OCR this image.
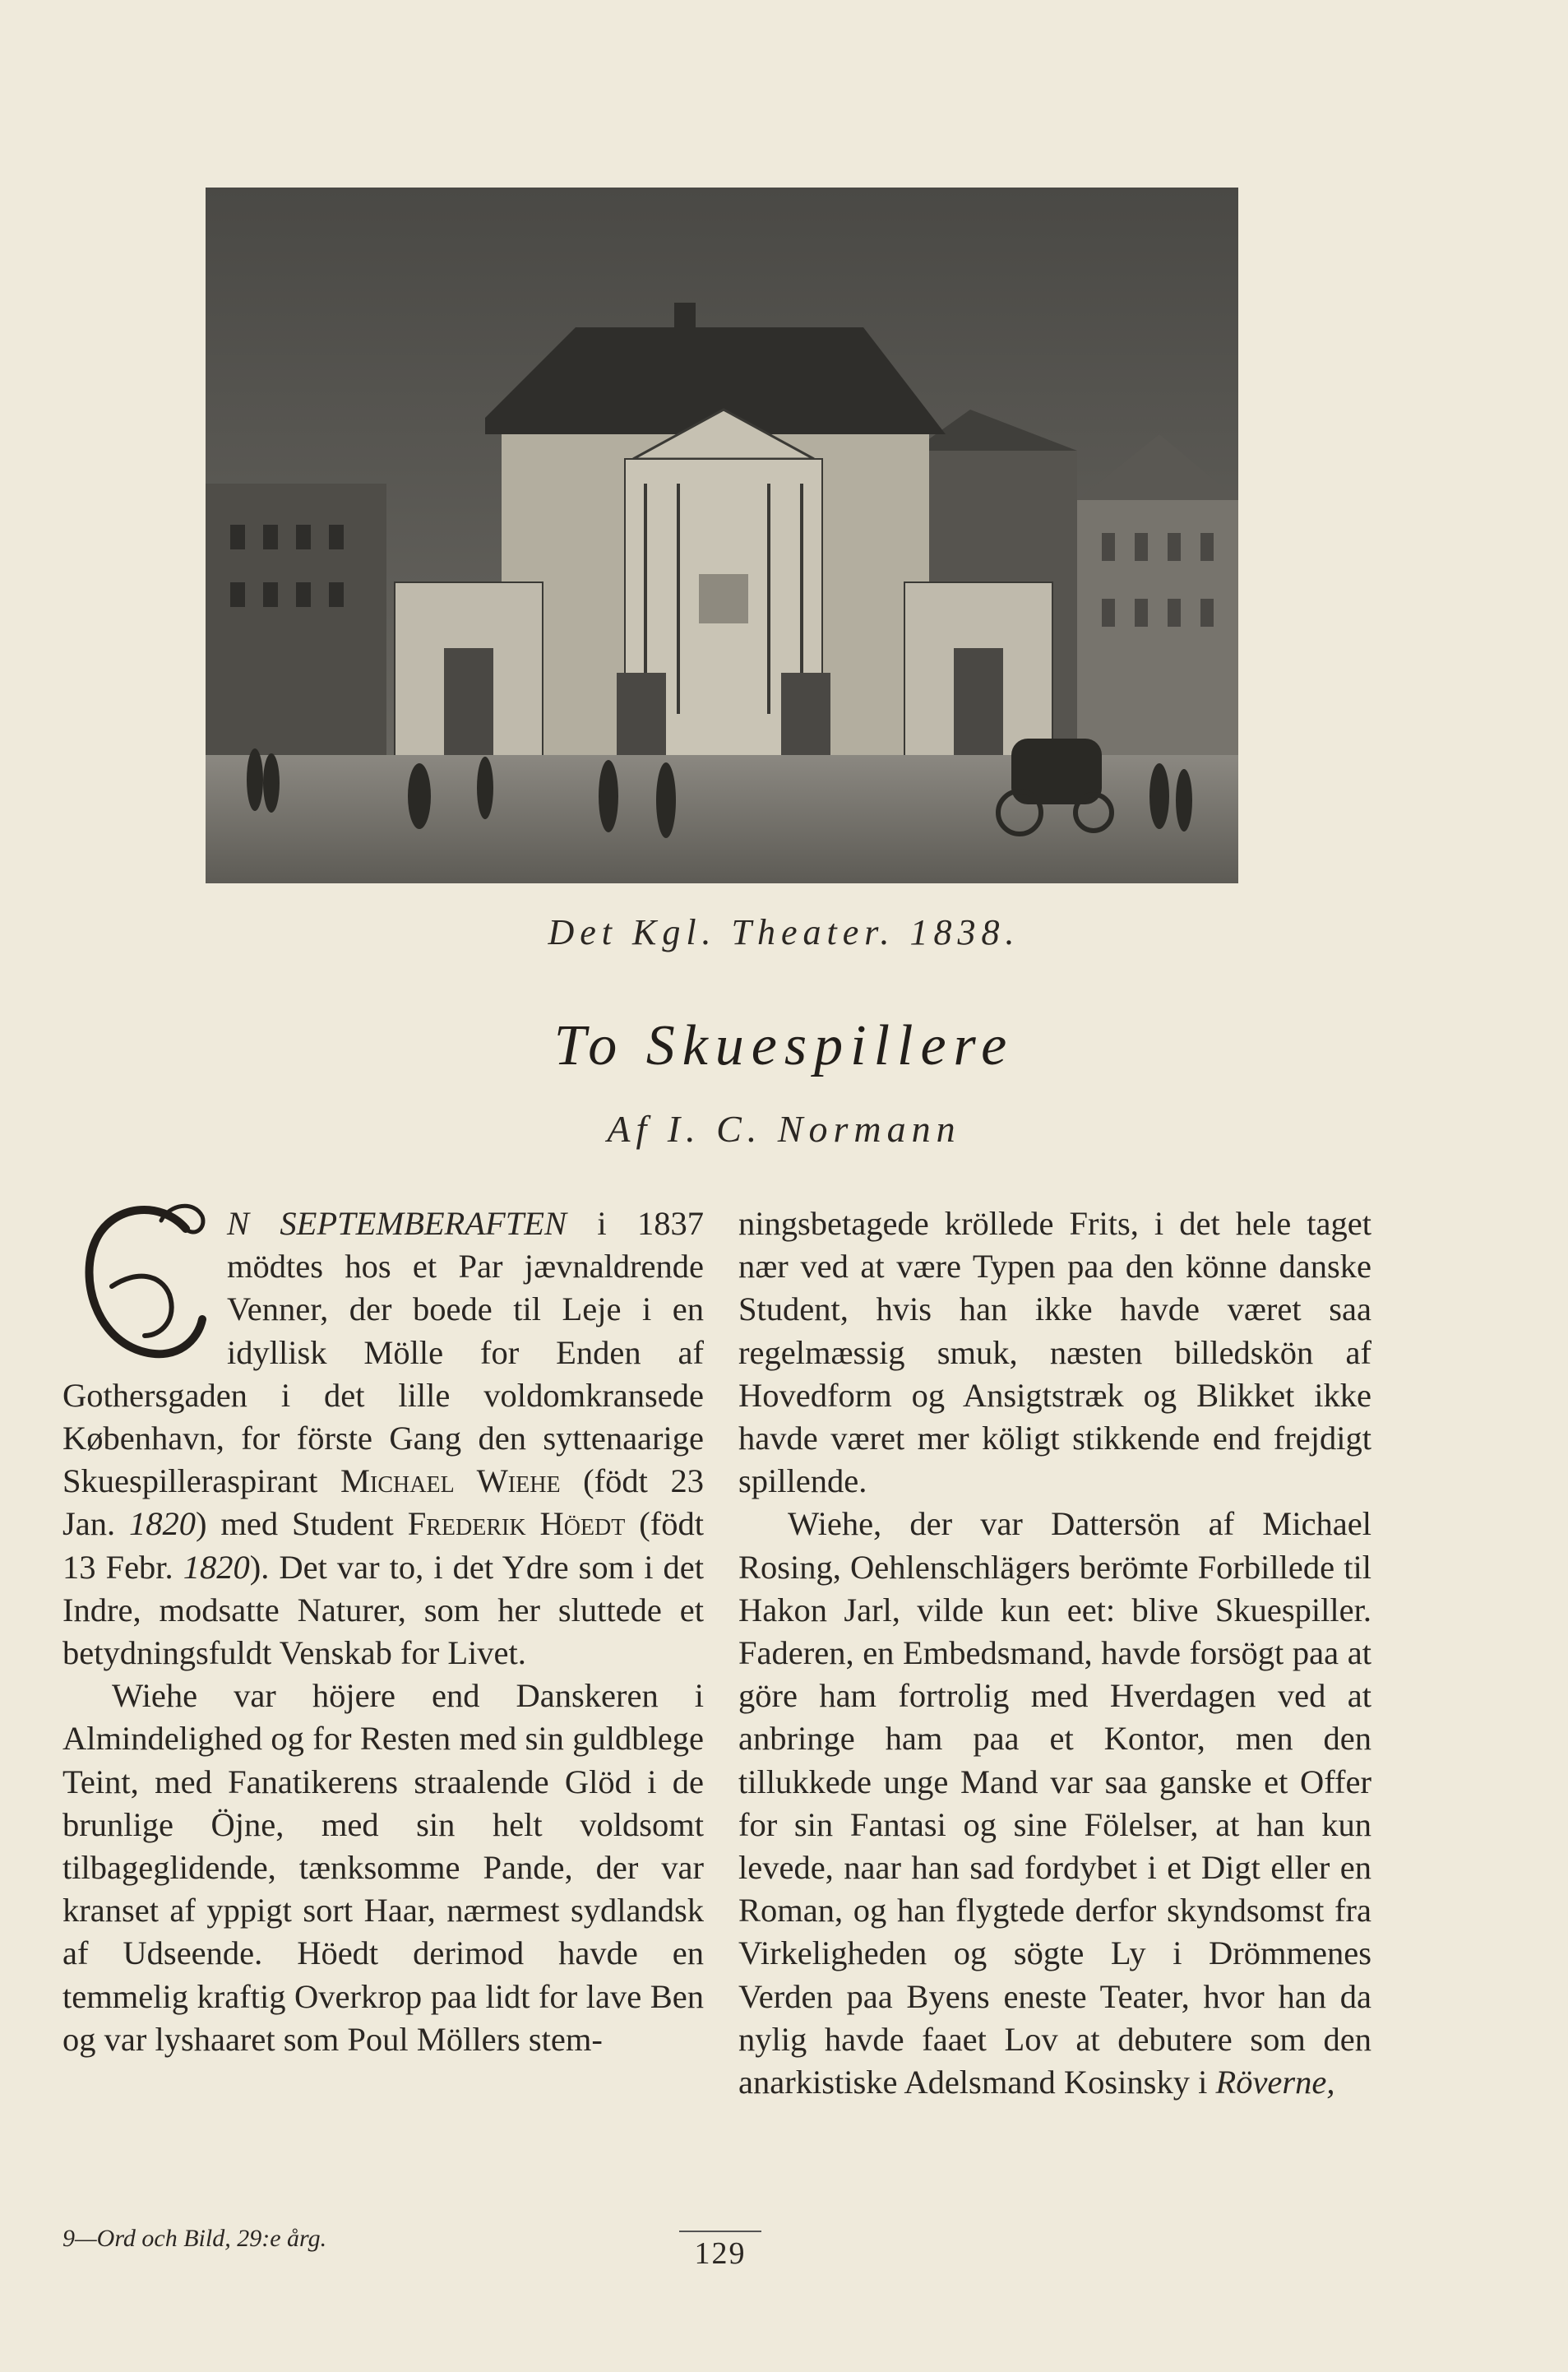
Det Kgl. Theater. 1838.
To Skuespillere
Af I. C. Normann

N SEPTEMBERAFTEN i 1837 mödtes hos et Par jævnaldrende Venner, der boede til Leje i en idyllisk Mölle for Enden af Gothersgaden i det lille voldomkransede København, for förste Gang den syttenaarige Skuespilleraspirant Michael Wiehe (födt 23 Jan. 1820) med Student Frederik Höedt (födt 13 Febr. 1820). Det var to, i det Ydre som i det Indre, modsatte Naturer, som her sluttede et betydningsfuldt Venskab for Livet.

Wiehe var höjere end Danskeren i Almindelighed og for Resten med sin guldblege Teint, med Fanatikerens straalende Glöd i de brunlige Öjne, med sin helt voldsomt tilbageglidende, tænksomme Pande, der var kranset af yppigt sort Haar, nærmest sydlandsk af Udseende. Höedt derimod havde en temmelig kraftig Overkrop paa lidt for lave Ben og var lyshaaret som Poul Möllers stem-

ningsbetagede kröllede Frits, i det hele taget nær ved at være Typen paa den könne danske Student, hvis han ikke havde været saa regelmæssig smuk, næsten billedskön af Hovedform og Ansigtstræk og Blikket ikke havde været mer köligt stikkende end frejdigt spillende.

Wiehe, der var Dattersön af Michael Rosing, Oehlenschlägers berömte Forbillede til Hakon Jarl, vilde kun eet: blive Skuespiller. Faderen, en Embedsmand, havde forsögt paa at göre ham fortrolig med Hverdagen ved at anbringe ham paa et Kontor, men den tillukkede unge Mand var saa ganske et Offer for sin Fantasi og sine Fölelser, at han kun levede, naar han sad fordybet i et Digt eller en Roman, og han flygtede derfor skyndsomst fra Virkeligheden og sögte Ly i Drömmenes Verden paa Byens eneste Teater, hvor han da nylig havde faaet Lov at debutere som den anarkistiske Adelsmand Kosinsky i Röverne,

9—Ord och Bild, 29:e årg.	129
